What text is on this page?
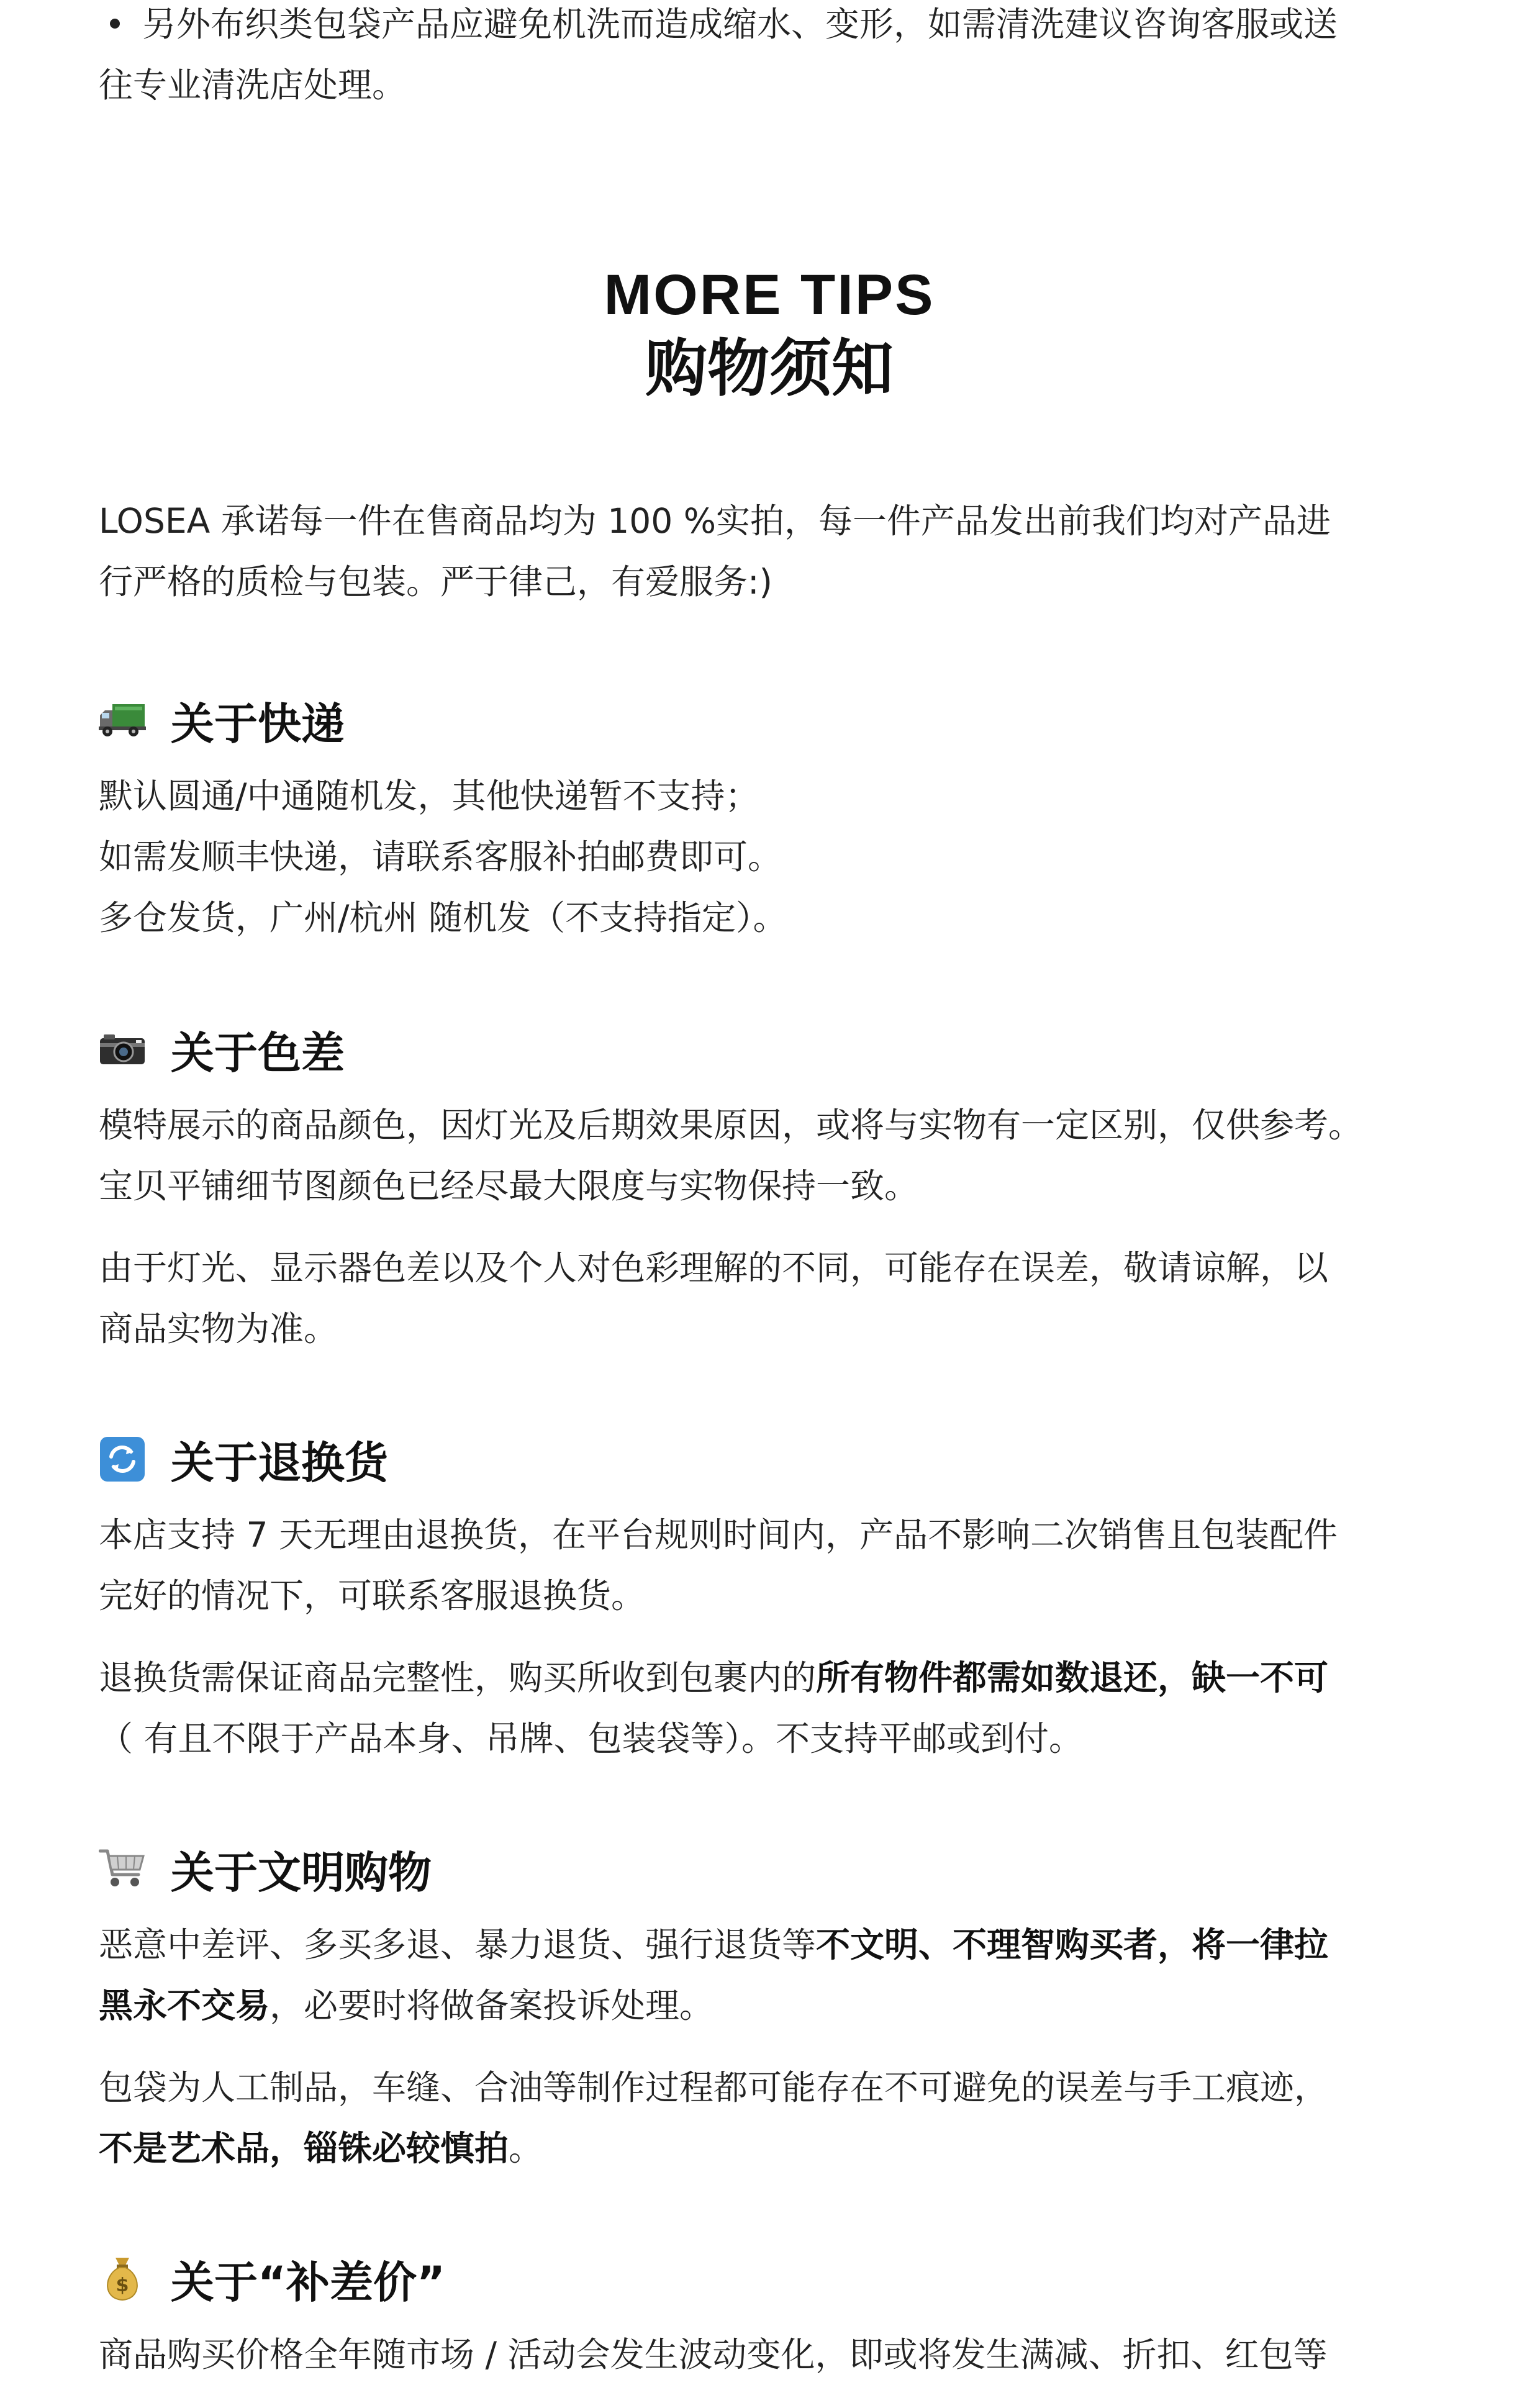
另外布织类包袋产品应避免机洗而造成缩水、变形，如需清洗建议咨询客服或送

往专业清洗店处理。

MORE TIPS
购物须知

LOSEA 承诺每一件在售商品均为 100 %实拍，每一件产品发出前我们均对产品进

行严格的质检与包装。严于律己，有爱服务:)

关于快递

默认圆通/中通随机发，其他快递暂不支持；

如需发顺丰快递，请联系客服补拍邮费即可。

多仓发货，广州/杭州 随机发（不支持指定）。

关于色差

模特展示的商品颜色，因灯光及后期效果原因，或将与实物有一定区别，仅供参考。

宝贝平铺细节图颜色已经尽最大限度与实物保持一致。

由于灯光、显示器色差以及个人对色彩理解的不同，可能存在误差，敬请谅解，以

商品实物为准。

关于退换货

本店支持 7 天无理由退换货，在平台规则时间内，产品不影响二次销售且包装配件

完好的情况下，可联系客服退换货。

退换货需保证商品完整性，购买所收到包裹内的所有物件都需如数退还，缺一不可

（ 有且不限于产品本身、吊牌、包装袋等）。不支持平邮或到付。

关于文明购物

恶意中差评、多买多退、暴力退货、强行退货等不文明、不理智购买者，将一律拉

黑永不交易，必要时将做备案投诉处理。

包袋为人工制品，车缝、合油等制作过程都可能存在不可避免的误差与手工痕迹，

不是艺术品，锱铢必较慎拍。

$ 关于“补差价”

商品购买价格全年随市场 / 活动会发生波动变化，即或将发生满减、折扣、红包等
